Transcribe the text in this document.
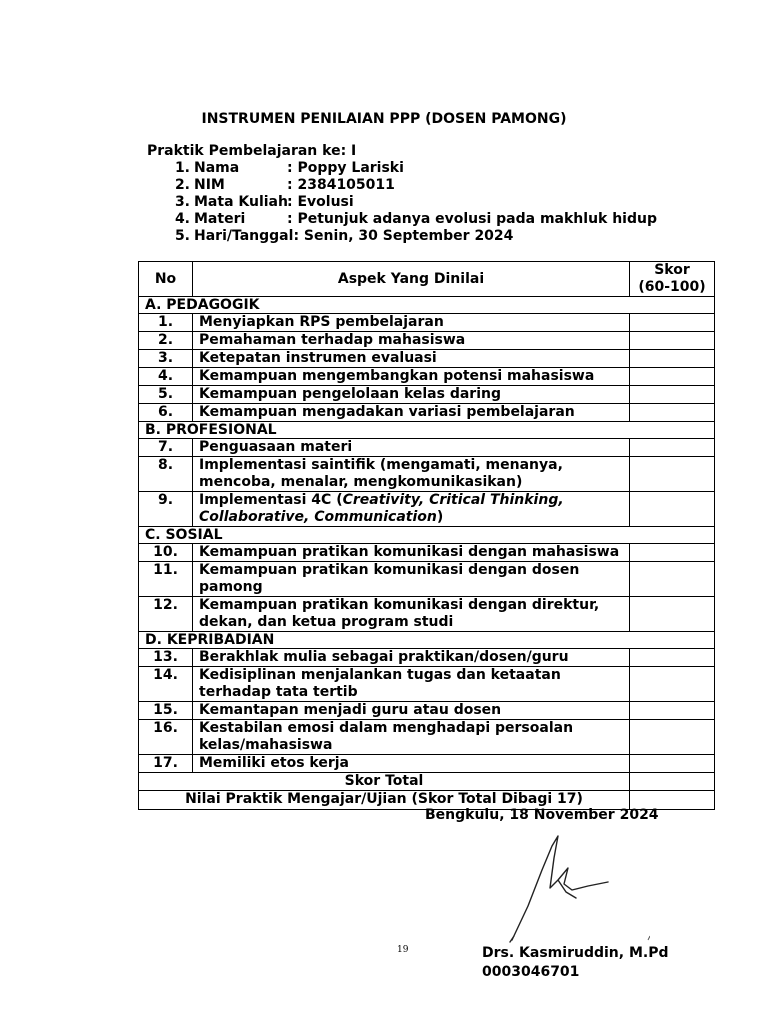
INSTRUMEN PENILAIAN PPP (DOSEN PAMONG)
Praktik Pembelajaran ke: I
1. Nama	: Poppy Lariski
2. NIM	: 2384105011
3. Mata Kuliah : Evolusi
4. Materi	: Petunjuk adanya evolusi pada makhluk hidup
5. Hari/Tanggal : Senin, 30 September 2024
No	Aspek Yang Dinilai	Skor
(60-100)

A. PEDAGOGIK		
1.	Menyiapkan RPS pembelajaran	
2.	Pemahaman terhadap mahasiswa	
3.	Ketepatan instrumen evaluasi	
4.	Kemampuan mengembangkan potensi mahasiswa	
5.	Kemampuan pengelolaan kelas daring	
6.	Kemampuan mengadakan variasi pembelajaran	
B. PROFESIONAL		
7.	Penguasaan materi	
8.	Implementasi saintifik (mengamati, menanya, mencoba, menalar, mengkomunikasikan)	
9.	Implementasi 4C (Creativity, Critical Thinking, Collaborative, Communication)	
C. SOSIAL		
10.	Kemampuan pratikan komunikasi dengan mahasiswa	
11.	Kemampuan pratikan komunikasi dengan dosen pamong	
12.	Kemampuan pratikan komunikasi dengan direktur, dekan, dan ketua program studi	
D. KEPRIBADIAN		
13.	Berakhlak mulia sebagai praktikan/dosen/guru	
14.	Kedisiplinan menjalankan tugas dan ketaatan terhadap tata tertib	
15.	Kemantapan menjadi guru atau dosen	
16.	Kestabilan emosi dalam menghadapi persoalan kelas/mahasiswa	
17.	Memiliki etos kerja	
Skor Total		
Nilai Praktik Mengajar/Ujian (Skor Total Dibagi 17)		
Bengkulu, 18 November 2024
19	Drs. Kasmiruddin, M.Pd
0003046701
